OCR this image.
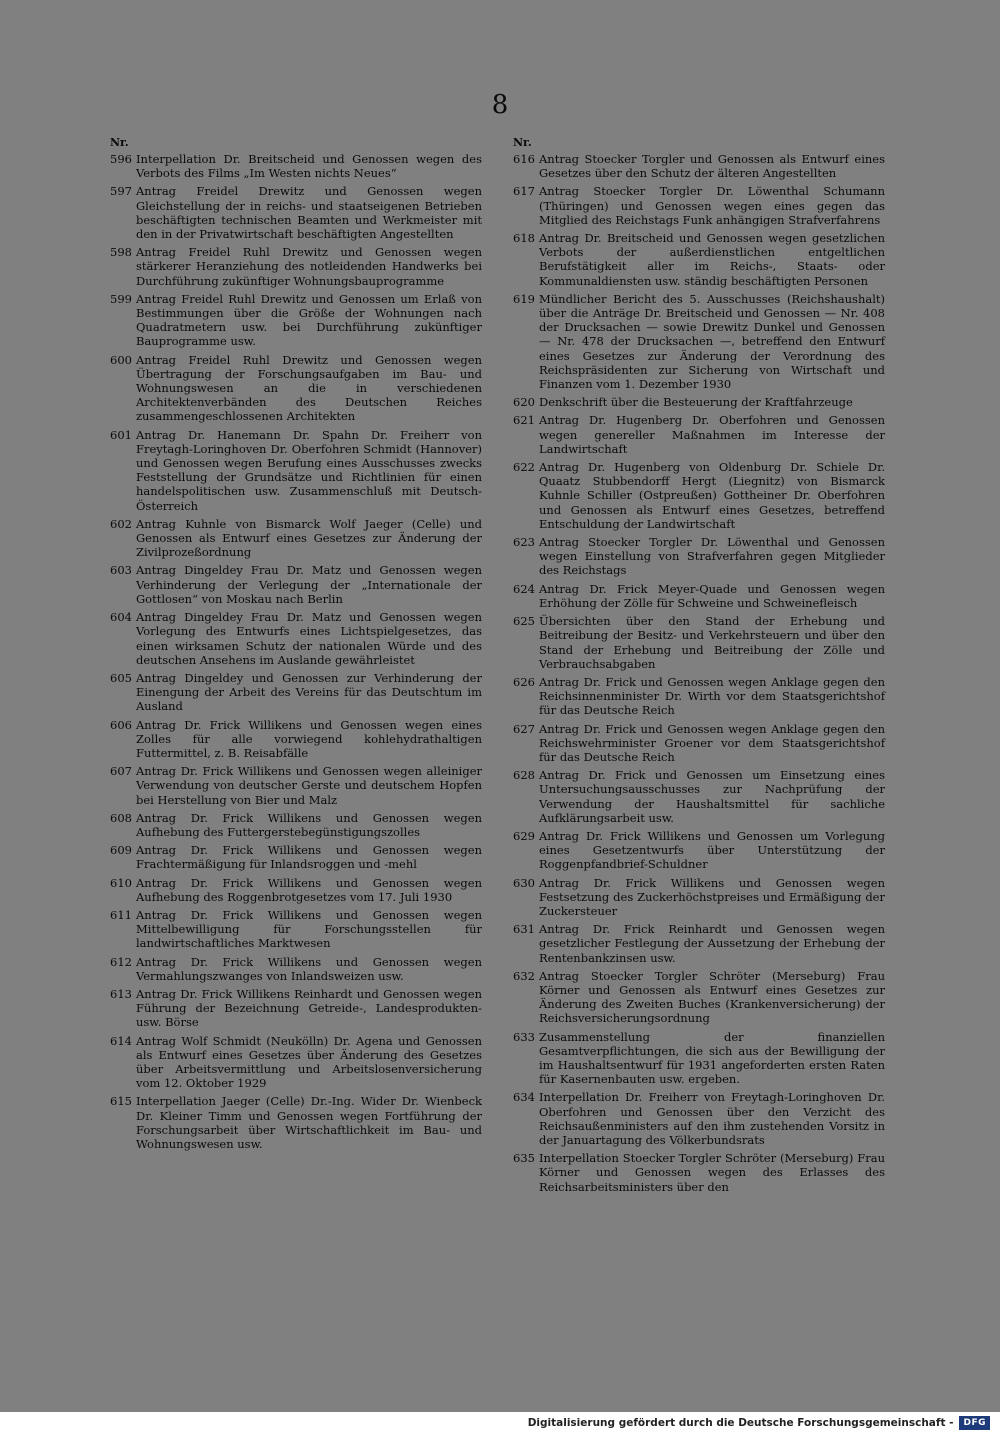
8
Nr.
596 Interpellation Dr. Breitscheid und Genossen wegen des Verbots des Films „Im Westen nichts Neues“
597 Antrag Freidel Drewitz und Genossen wegen Gleichstellung der in reichs- und staatseigenen Betrieben beschäftigten technischen Beamten und Werkmeister mit den in der Privatwirtschaft beschäftigten Angestellten
598 Antrag Freidel Ruhl Drewitz und Genossen wegen stärkerer Heranziehung des notleidenden Handwerks bei Durchführung zukünftiger Wohnungsbauprogramme
599 Antrag Freidel Ruhl Drewitz und Genossen um Erlaß von Bestimmungen über die Größe der Wohnungen nach Quadratmetern usw. bei Durchführung zukünftiger Bauprogramme usw.
600 Antrag Freidel Ruhl Drewitz und Genossen wegen Übertragung der Forschungsaufgaben im Bau- und Wohnungswesen an die in verschiedenen Architektenverbänden des Deutschen Reiches zusammengeschlossenen Architekten
601 Antrag Dr. Hanemann Dr. Spahn Dr. Freiherr von Freytagh-Loringhoven Dr. Oberfohren Schmidt (Hannover) und Genossen wegen Berufung eines Ausschusses zwecks Feststellung der Grundsätze und Richtlinien für einen handelspolitischen usw. Zusammenschluß mit Deutsch-Österreich
602 Antrag Kuhnle von Bismarck Wolf Jaeger (Celle) und Genossen als Entwurf eines Gesetzes zur Änderung der Zivilprozeßordnung
603 Antrag Dingeldey Frau Dr. Matz und Genossen wegen Verhinderung der Verlegung der „Internationale der Gottlosen“ von Moskau nach Berlin
604 Antrag Dingeldey Frau Dr. Matz und Genossen wegen Vorlegung des Entwurfs eines Lichtspielgesetzes, das einen wirksamen Schutz der nationalen Würde und des deutschen Ansehens im Auslande gewährleistet
605 Antrag Dingeldey und Genossen zur Verhinderung der Einengung der Arbeit des Vereins für das Deutschtum im Ausland
606 Antrag Dr. Frick Willikens und Genossen wegen eines Zolles für alle vorwiegend kohlehydrathaltigen Futtermittel, z. B. Reisabfälle
607 Antrag Dr. Frick Willikens und Genossen wegen alleiniger Verwendung von deutscher Gerste und deutschem Hopfen bei Herstellung von Bier und Malz
608 Antrag Dr. Frick Willikens und Genossen wegen Aufhebung des Futtergerstebegünstigungszolles
609 Antrag Dr. Frick Willikens und Genossen wegen Frachtermäßigung für Inlandsroggen und -mehl
610 Antrag Dr. Frick Willikens und Genossen wegen Aufhebung des Roggenbrotgesetzes vom 17. Juli 1930
611 Antrag Dr. Frick Willikens und Genossen wegen Mittelbewilligung für Forschungsstellen für landwirtschaftliches Marktwesen
612 Antrag Dr. Frick Willikens und Genossen wegen Vermahlungszwanges von Inlandsweizen usw.
613 Antrag Dr. Frick Willikens Reinhardt und Genossen wegen Führung der Bezeichnung Getreide-, Landesprodukten- usw. Börse
614 Antrag Wolf Schmidt (Neukölln) Dr. Agena und Genossen als Entwurf eines Gesetzes über Änderung des Gesetzes über Arbeitsvermittlung und Arbeitslosenversicherung vom 12. Oktober 1929
615 Interpellation Jaeger (Celle) Dr.-Ing. Wider Dr. Wienbeck Dr. Kleiner Timm und Genossen wegen Fortführung der Forschungsarbeit über Wirtschaftlichkeit im Bau- und Wohnungswesen usw.
Nr.
616 Antrag Stoecker Torgler und Genossen als Entwurf eines Gesetzes über den Schutz der älteren Angestellten
617 Antrag Stoecker Torgler Dr. Löwenthal Schumann (Thüringen) und Genossen wegen eines gegen das Mitglied des Reichstags Funk anhängigen Strafverfahrens
618 Antrag Dr. Breitscheid und Genossen wegen gesetzlichen Verbots der außerdienstlichen entgeltlichen Berufstätigkeit aller im Reichs-, Staats- oder Kommunaldiensten usw. ständig beschäftigten Personen
619 Mündlicher Bericht des 5. Ausschusses (Reichshaushalt) über die Anträge Dr. Breitscheid und Genossen — Nr. 408 der Drucksachen — sowie Drewitz Dunkel und Genossen — Nr. 478 der Drucksachen —, betreffend den Entwurf eines Gesetzes zur Änderung der Verordnung des Reichspräsidenten zur Sicherung von Wirtschaft und Finanzen vom 1. Dezember 1930
620 Denkschrift über die Besteuerung der Kraftfahrzeuge
621 Antrag Dr. Hugenberg Dr. Oberfohren und Genossen wegen genereller Maßnahmen im Interesse der Landwirtschaft
622 Antrag Dr. Hugenberg von Oldenburg Dr. Schiele Dr. Quaatz Stubbendorff Hergt (Liegnitz) von Bismarck Kuhnle Schiller (Ostpreußen) Gottheiner Dr. Oberfohren und Genossen als Entwurf eines Gesetzes, betreffend Entschuldung der Landwirtschaft
623 Antrag Stoecker Torgler Dr. Löwenthal und Genossen wegen Einstellung von Strafverfahren gegen Mitglieder des Reichstags
624 Antrag Dr. Frick Meyer-Quade und Genossen wegen Erhöhung der Zölle für Schweine und Schweinefleisch
625 Übersichten über den Stand der Erhebung und Beitreibung der Besitz- und Verkehrsteuern und über den Stand der Erhebung und Beitreibung der Zölle und Verbrauchsabgaben
626 Antrag Dr. Frick und Genossen wegen Anklage gegen den Reichsinnenminister Dr. Wirth vor dem Staatsgerichtshof für das Deutsche Reich
627 Antrag Dr. Frick und Genossen wegen Anklage gegen den Reichswehrminister Groener vor dem Staatsgerichtshof für das Deutsche Reich
628 Antrag Dr. Frick und Genossen um Einsetzung eines Untersuchungsausschusses zur Nachprüfung der Verwendung der Haushaltsmittel für sachliche Aufklärungsarbeit usw.
629 Antrag Dr. Frick Willikens und Genossen um Vorlegung eines Gesetzentwurfs über Unterstützung der Roggenpfandbrief-Schuldner
630 Antrag Dr. Frick Willikens und Genossen wegen Festsetzung des Zuckerhöchstpreises und Ermäßigung der Zuckersteuer
631 Antrag Dr. Frick Reinhardt und Genossen wegen gesetzlicher Festlegung der Aussetzung der Erhebung der Rentenbankzinsen usw.
632 Antrag Stoecker Torgler Schröter (Merseburg) Frau Körner und Genossen als Entwurf eines Gesetzes zur Änderung des Zweiten Buches (Krankenversicherung) der Reichsversicherungsordnung
633 Zusammenstellung der finanziellen Gesamtverpflichtungen, die sich aus der Bewilligung der im Haushaltsentwurf für 1931 angeforderten ersten Raten für Kasernenbauten usw. ergeben.
634 Interpellation Dr. Freiherr von Freytagh-Loringhoven Dr. Oberfohren und Genossen über den Verzicht des Reichsaußenministers auf den ihm zustehenden Vorsitz in der Januartagung des Völkerbundsrats
635 Interpellation Stoecker Torgler Schröter (Merseburg) Frau Körner und Genossen wegen des Erlasses des Reichsarbeitsministers über den
Digitalisierung gefördert durch die Deutsche Forschungsgemeinschaft -	DFG
